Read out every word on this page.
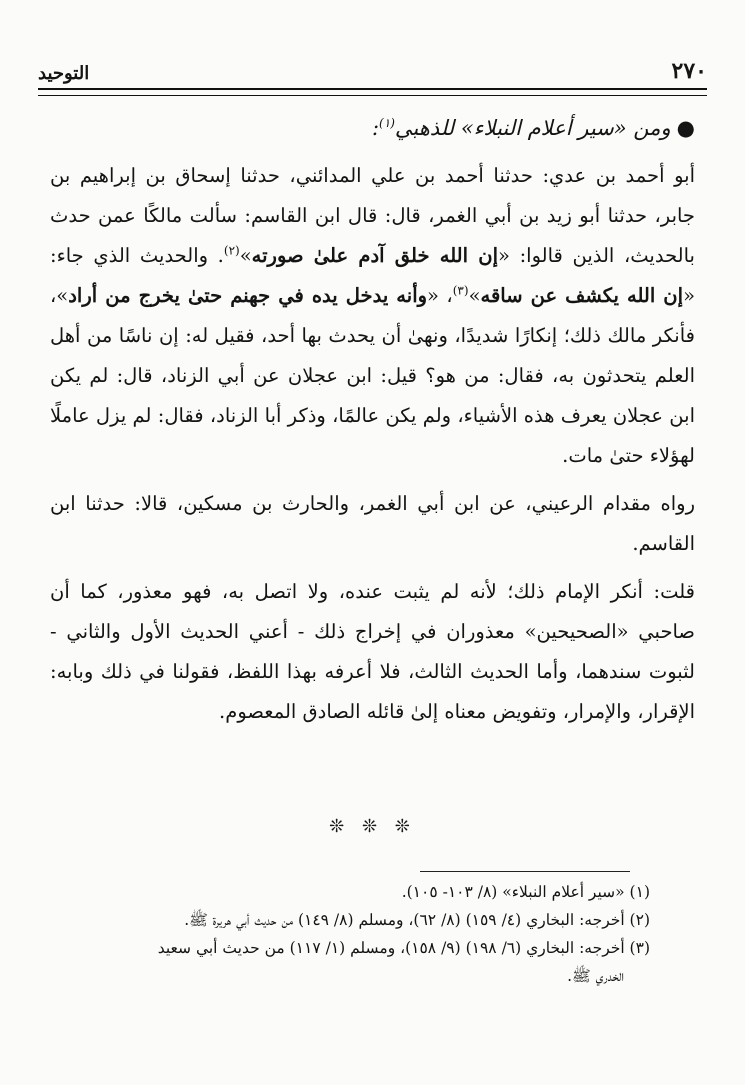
٢٧٠
التوحيد
●ومن «سير أعلام النبلاء» للذهبي$^{(١)}$:

أبو أحمد بن عدي: حدثنا أحمد بن علي المدائني، حدثنا إسحاق بن إبراهيم بن جابر، حدثنا أبو زيد بن أبي الغمر، قال: قال ابن القاسم: سألت مالكًا عمن حدث بالحديث، الذين قالوا: «إن الله خلق آدم علىٰ صورته»$^{(٢)}$. والحديث الذي جاء: «إن الله يكشف عن ساقه»$^{(٣)}$، «وأنه يدخل يده في جهنم حتىٰ يخرج من أراد»، فأنكر مالك ذلك؛ إنكارًا شديدًا، ونهىٰ أن يحدث بها أحد، فقيل له: إن ناسًا من أهل العلم يتحدثون به، فقال: من هو؟ قيل: ابن عجلان عن أبي الزناد، قال: لم يكن ابن عجلان يعرف هذه الأشياء، ولم يكن عالمًا، وذكر أبا الزناد، فقال: لم يزل عاملًا لهؤلاء حتىٰ مات.

رواه مقدام الرعيني، عن ابن أبي الغمر، والحارث بن مسكين، قالا: حدثنا ابن القاسم.

قلت: أنكر الإمام ذلك؛ لأنه لم يثبت عنده، ولا اتصل به، فهو معذور، كما أن صاحبي «الصحيحين» معذوران في إخراج ذلك - أعني الحديث الأول والثاني - لثبوت سندهما، وأما الحديث الثالث، فلا أعرفه بهذا اللفظ، فقولنا في ذلك وبابه: الإقرار، والإمرار، وتفويض معناه إلىٰ قائله الصادق المعصوم.

❊ ❊ ❊
(١) «سير أعلام النبلاء» (٨/ ١٠٣- ١٠٥).
(٢) أخرجه: البخاري (٤/ ١٥٩) (٨/ ٦٢)، ومسلم (٨/ ١٤٩) من حديث أبي هريرة ﷺ.
(٣) أخرجه: البخاري (٦/ ١٩٨) (٩/ ١٥٨)، ومسلم (١/ ١١٧) من حديث أبي سعيد
الخدري ﷺ.
